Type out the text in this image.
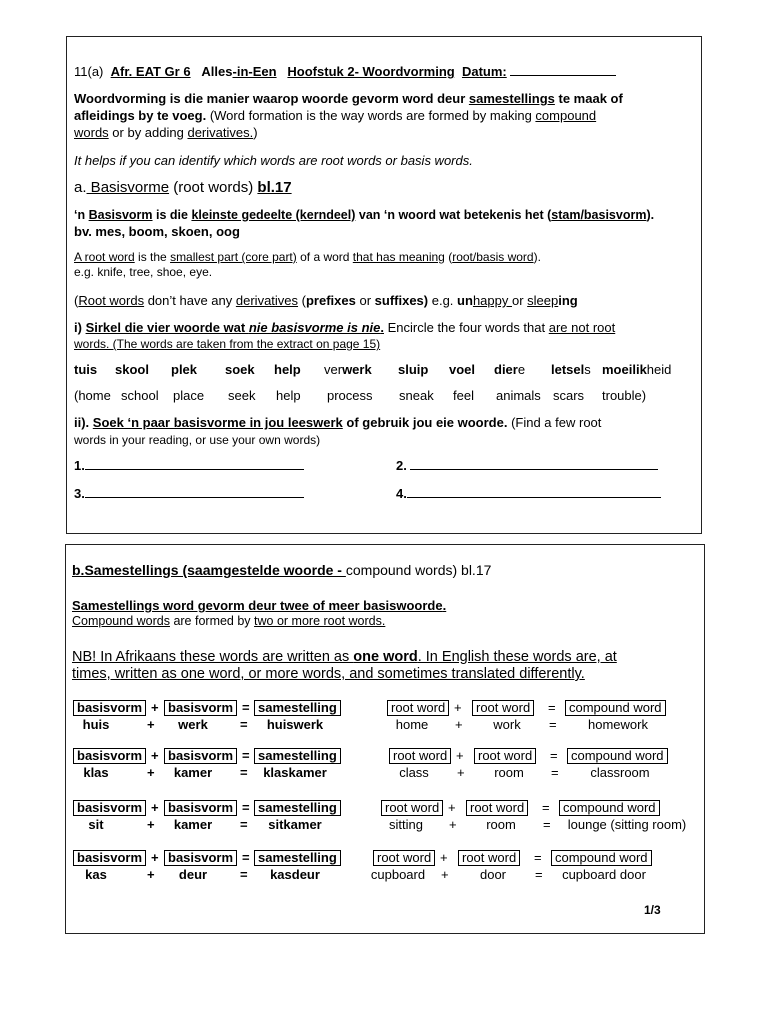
11(a) Afr. EAT Gr 6 Alles-in-Een Hoofstuk 2- Woordvorming Datum:
Woordvorming is die manier waarop woorde gevorm word deur samestellings te maak of
afleidings by te voeg. (Word formation is the way words are formed by making compound
words or by adding derivatives.)
It helps if you can identify which words are root words or basis words.
a. Basisvorme (root words) bl.17
‘n Basisvorm is die kleinste gedeelte (kerndeel) van ‘n woord wat betekenis het (stam/basisvorm).
bv. mes, boom, skoen, oog
A root word is the smallest part (core part) of a word that has meaning (root/basis word).
e.g. knife, tree, shoe, eye.
(Root words don’t have any derivatives (prefixes or suffixes) e.g. unhappy or sleeping
i) Sirkel die vier woorde wat nie basisvorme is nie. Encircle the four words that are not root
words. (The words are taken from the extract on page 15)
tuis skool plek soek help verwerk sluip voel diere letsels moeilikheid
(home school place seek help process sneak feel animals scars trouble)
ii). Soek ‘n paar basisvorme in jou leeswerk of gebruik jou eie woorde. (Find a few root
words in your reading, or use your own words)
1.	2.
3.	4.
b.Samestellings (saamgestelde woorde - compound words) bl.17
Samestellings word gevorm deur twee of meer basiswoorde.
Compound words are formed by two or more root words.
NB! In Afrikaans these words are written as one word. In English these words are, at
times, written as one word, or more words, and sometimes translated differently.
basisvorm + basisvorm = samestelling	root word +	root word	=	compound word
huis	+	werk	=	huiswerk	home	+	work	=	homework
basisvorm + basisvorm = samestelling	root word +	root word	=	compound word
klas	+	kamer	=	klaskamer	class	+	room	=	classroom
basisvorm + basisvorm = samestelling	root word +	root word	=	compound word
sit	+	kamer	=	sitkamer	sitting	+	room	=	lounge (sitting room)
basisvorm + basisvorm = samestelling	root word +	root word	=	compound word
kas	+	deur	=	kasdeur	cupboard	+	door	=	cupboard door
1/3
